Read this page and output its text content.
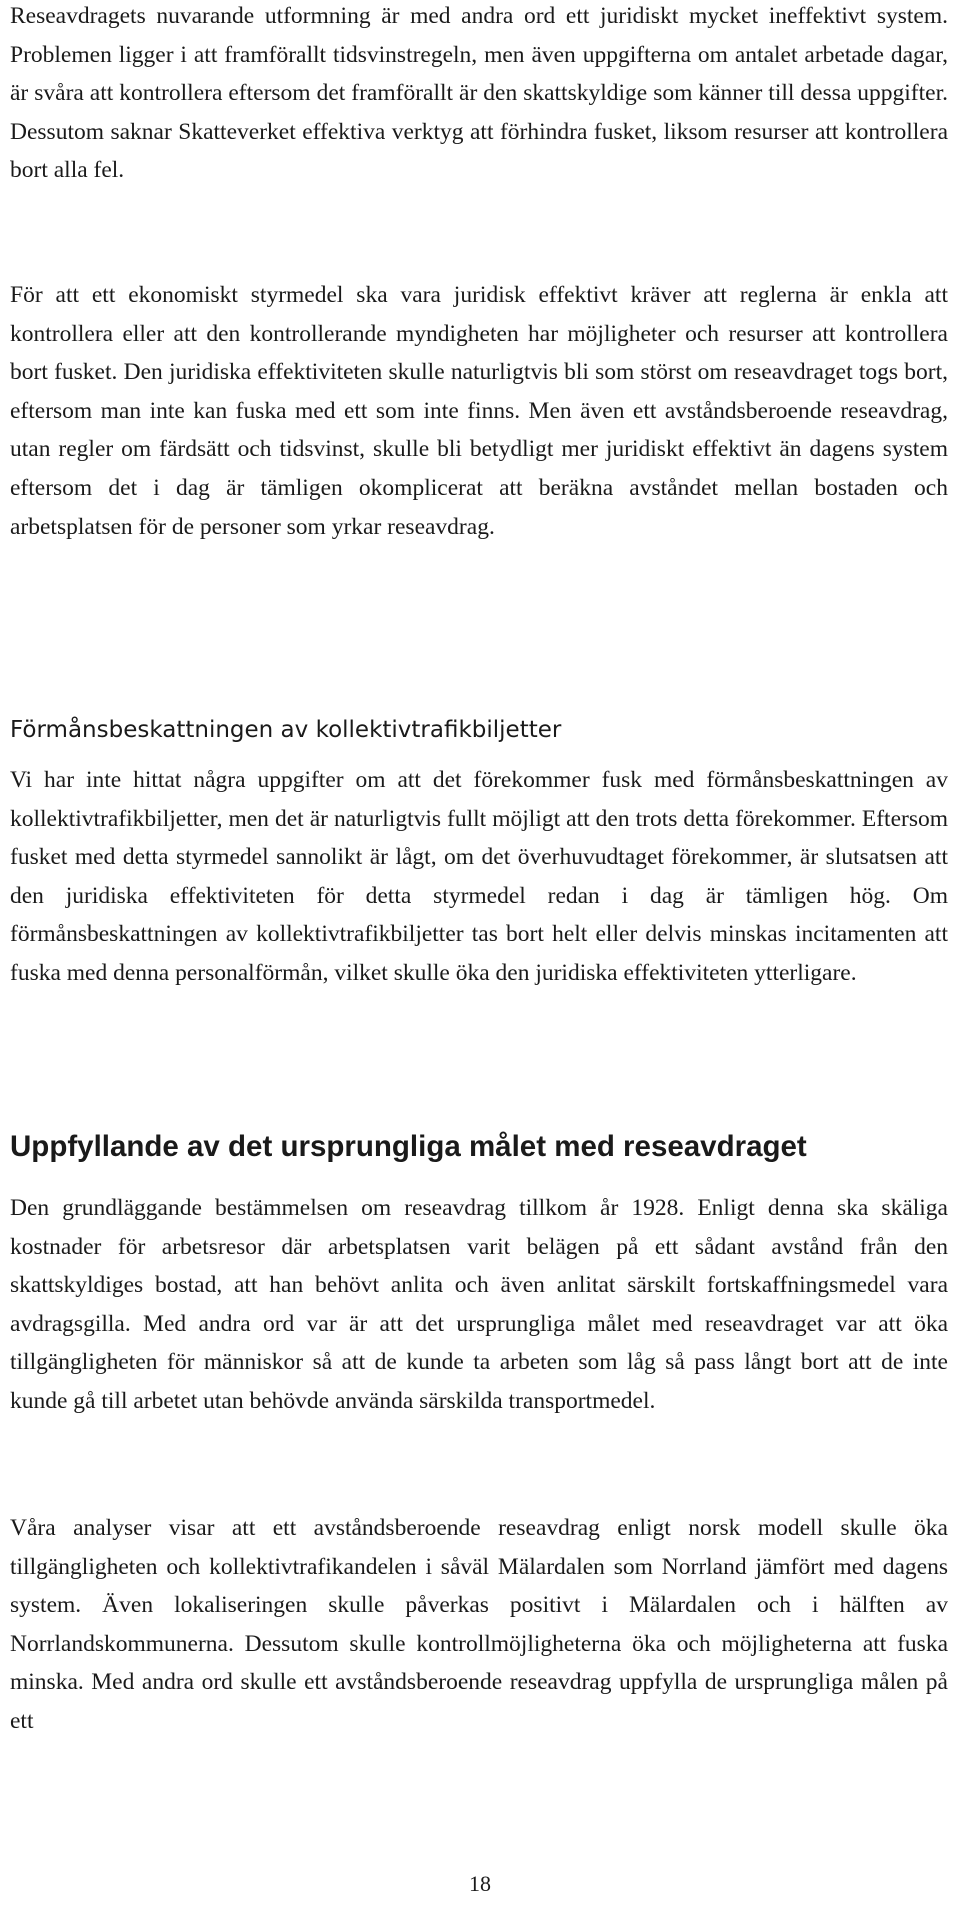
Reseavdragets nuvarande utformning är med andra ord ett juridiskt mycket ineffektivt system. Problemen ligger i att framförallt tidsvinstregeln, men även uppgifterna om antalet arbetade dagar, är svåra att kontrollera eftersom det framförallt är den skattskyldige som känner till dessa uppgifter. Dessutom saknar Skatteverket effektiva verktyg att förhindra fusket, liksom resurser att kontrollera bort alla fel.

För att ett ekonomiskt styrmedel ska vara juridisk effektivt kräver att reglerna är enkla att kontrollera eller att den kontrollerande myndigheten har möjligheter och resurser att kontrollera bort fusket. Den juridiska effektiviteten skulle naturligtvis bli som störst om reseavdraget togs bort, eftersom man inte kan fuska med ett som inte finns. Men även ett avståndsberoende reseavdrag, utan regler om färdsätt och tidsvinst, skulle bli betydligt mer juridiskt effektivt än dagens system eftersom det i dag är tämligen okomplicerat att beräkna avståndet mellan bostaden och arbetsplatsen för de personer som yrkar reseavdrag.

Förmånsbeskattningen av kollektivtrafikbiljetter

Vi har inte hittat några uppgifter om att det förekommer fusk med förmånsbeskattningen av kollektivtrafikbiljetter, men det är naturligtvis fullt möjligt att den trots detta förekommer. Eftersom fusket med detta styrmedel sannolikt är lågt, om det överhuvudtaget förekommer, är slutsatsen att den juridiska effektiviteten för detta styrmedel redan i dag är tämligen hög. Om förmånsbeskattningen av kollektivtrafikbiljetter tas bort helt eller delvis minskas incitamenten att fuska med denna personalförmån, vilket skulle öka den juridiska effektiviteten ytterligare.

Uppfyllande av det ursprungliga målet med reseavdraget

Den grundläggande bestämmelsen om reseavdrag tillkom år 1928. Enligt denna ska skäliga kostnader för arbetsresor där arbetsplatsen varit belägen på ett sådant avstånd från den skattskyldiges bostad, att han behövt anlita och även anlitat särskilt fortskaffningsmedel vara avdragsgilla. Med andra ord var är att det ursprungliga målet med reseavdraget var att öka tillgängligheten för människor så att de kunde ta arbeten som låg så pass långt bort att de inte kunde gå till arbetet utan behövde använda särskilda transportmedel.

Våra analyser visar att ett avståndsberoende reseavdrag enligt norsk modell skulle öka tillgängligheten och kollektivtrafikandelen i såväl Mälardalen som Norrland jämfört med dagens system. Även lokaliseringen skulle påverkas positivt i Mälardalen och i hälften av Norrlandskommunerna. Dessutom skulle kontrollmöjligheterna öka och möjligheterna att fuska minska. Med andra ord skulle ett avståndsberoende reseavdrag uppfylla de ursprungliga målen på ett

18
